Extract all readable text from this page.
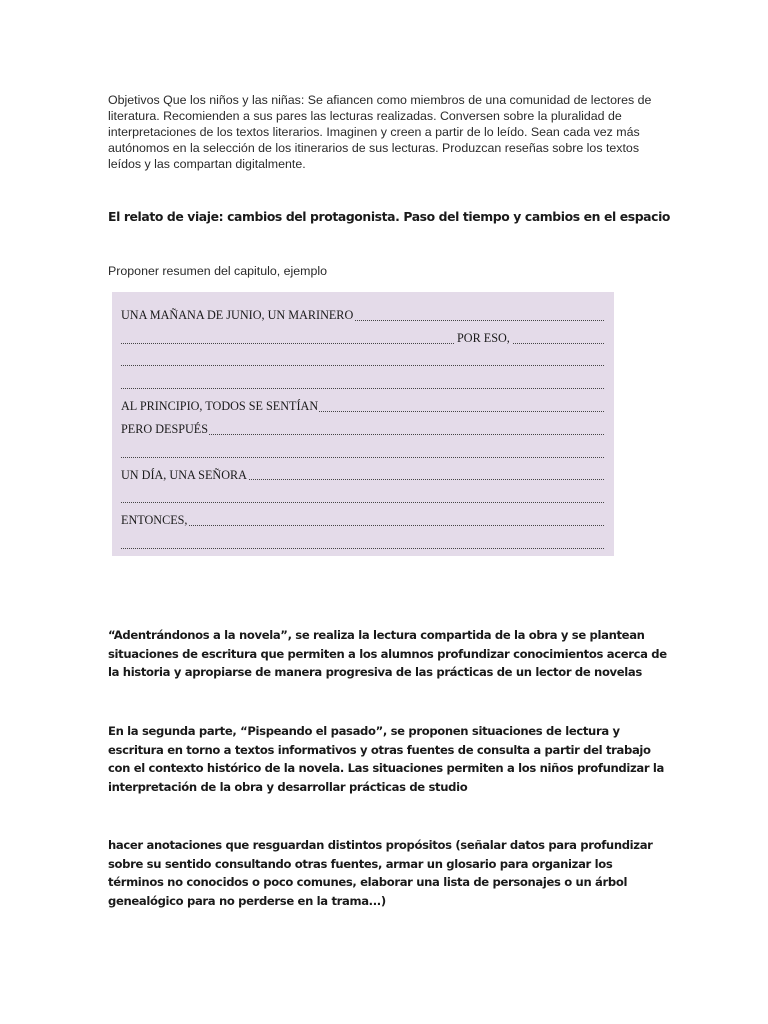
Objetivos Que los niños y las niñas: Se afiancen como miembros de una comunidad de lectores de literatura. Recomienden a sus pares las lecturas realizadas. Conversen sobre la pluralidad de interpretaciones de los textos literarios. Imaginen y creen a partir de lo leído. Sean cada vez más autónomos en la selección de los itinerarios de sus lecturas. Produzcan reseñas sobre los textos leídos y las compartan digitalmente.

El relato de viaje: cambios del protagonista. Paso del tiempo y cambios en el espacio

Proponer resumen del capitulo, ejemplo

UNA MAÑANA DE JUNIO, UN MARINERO
POR ESO,
AL PRINCIPIO, TODOS SE SENTÍAN
PERO DESPUÉS
UN DÍA, UNA SEÑORA
ENTONCES,

“Adentrándonos a la novela”, se realiza la lectura compartida de la obra y se plantean situaciones de escritura que permiten a los alumnos profundizar conocimientos acerca de la historia y apropiarse de manera progresiva de las prácticas de un lector de novelas

En la segunda parte, “Pispeando el pasado”, se proponen situaciones de lectura y escritura en torno a textos informativos y otras fuentes de consulta a partir del trabajo con el contexto histórico de la novela. Las situaciones permiten a los niños profundizar la interpretación de la obra y desarrollar prácticas de studio

hacer anotaciones que resguardan distintos propósitos (señalar datos para profundizar sobre su sentido consultando otras fuentes, armar un glosario para organizar los términos no conocidos o poco comunes, elaborar una lista de personajes o un árbol genealógico para no perderse en la trama...)
